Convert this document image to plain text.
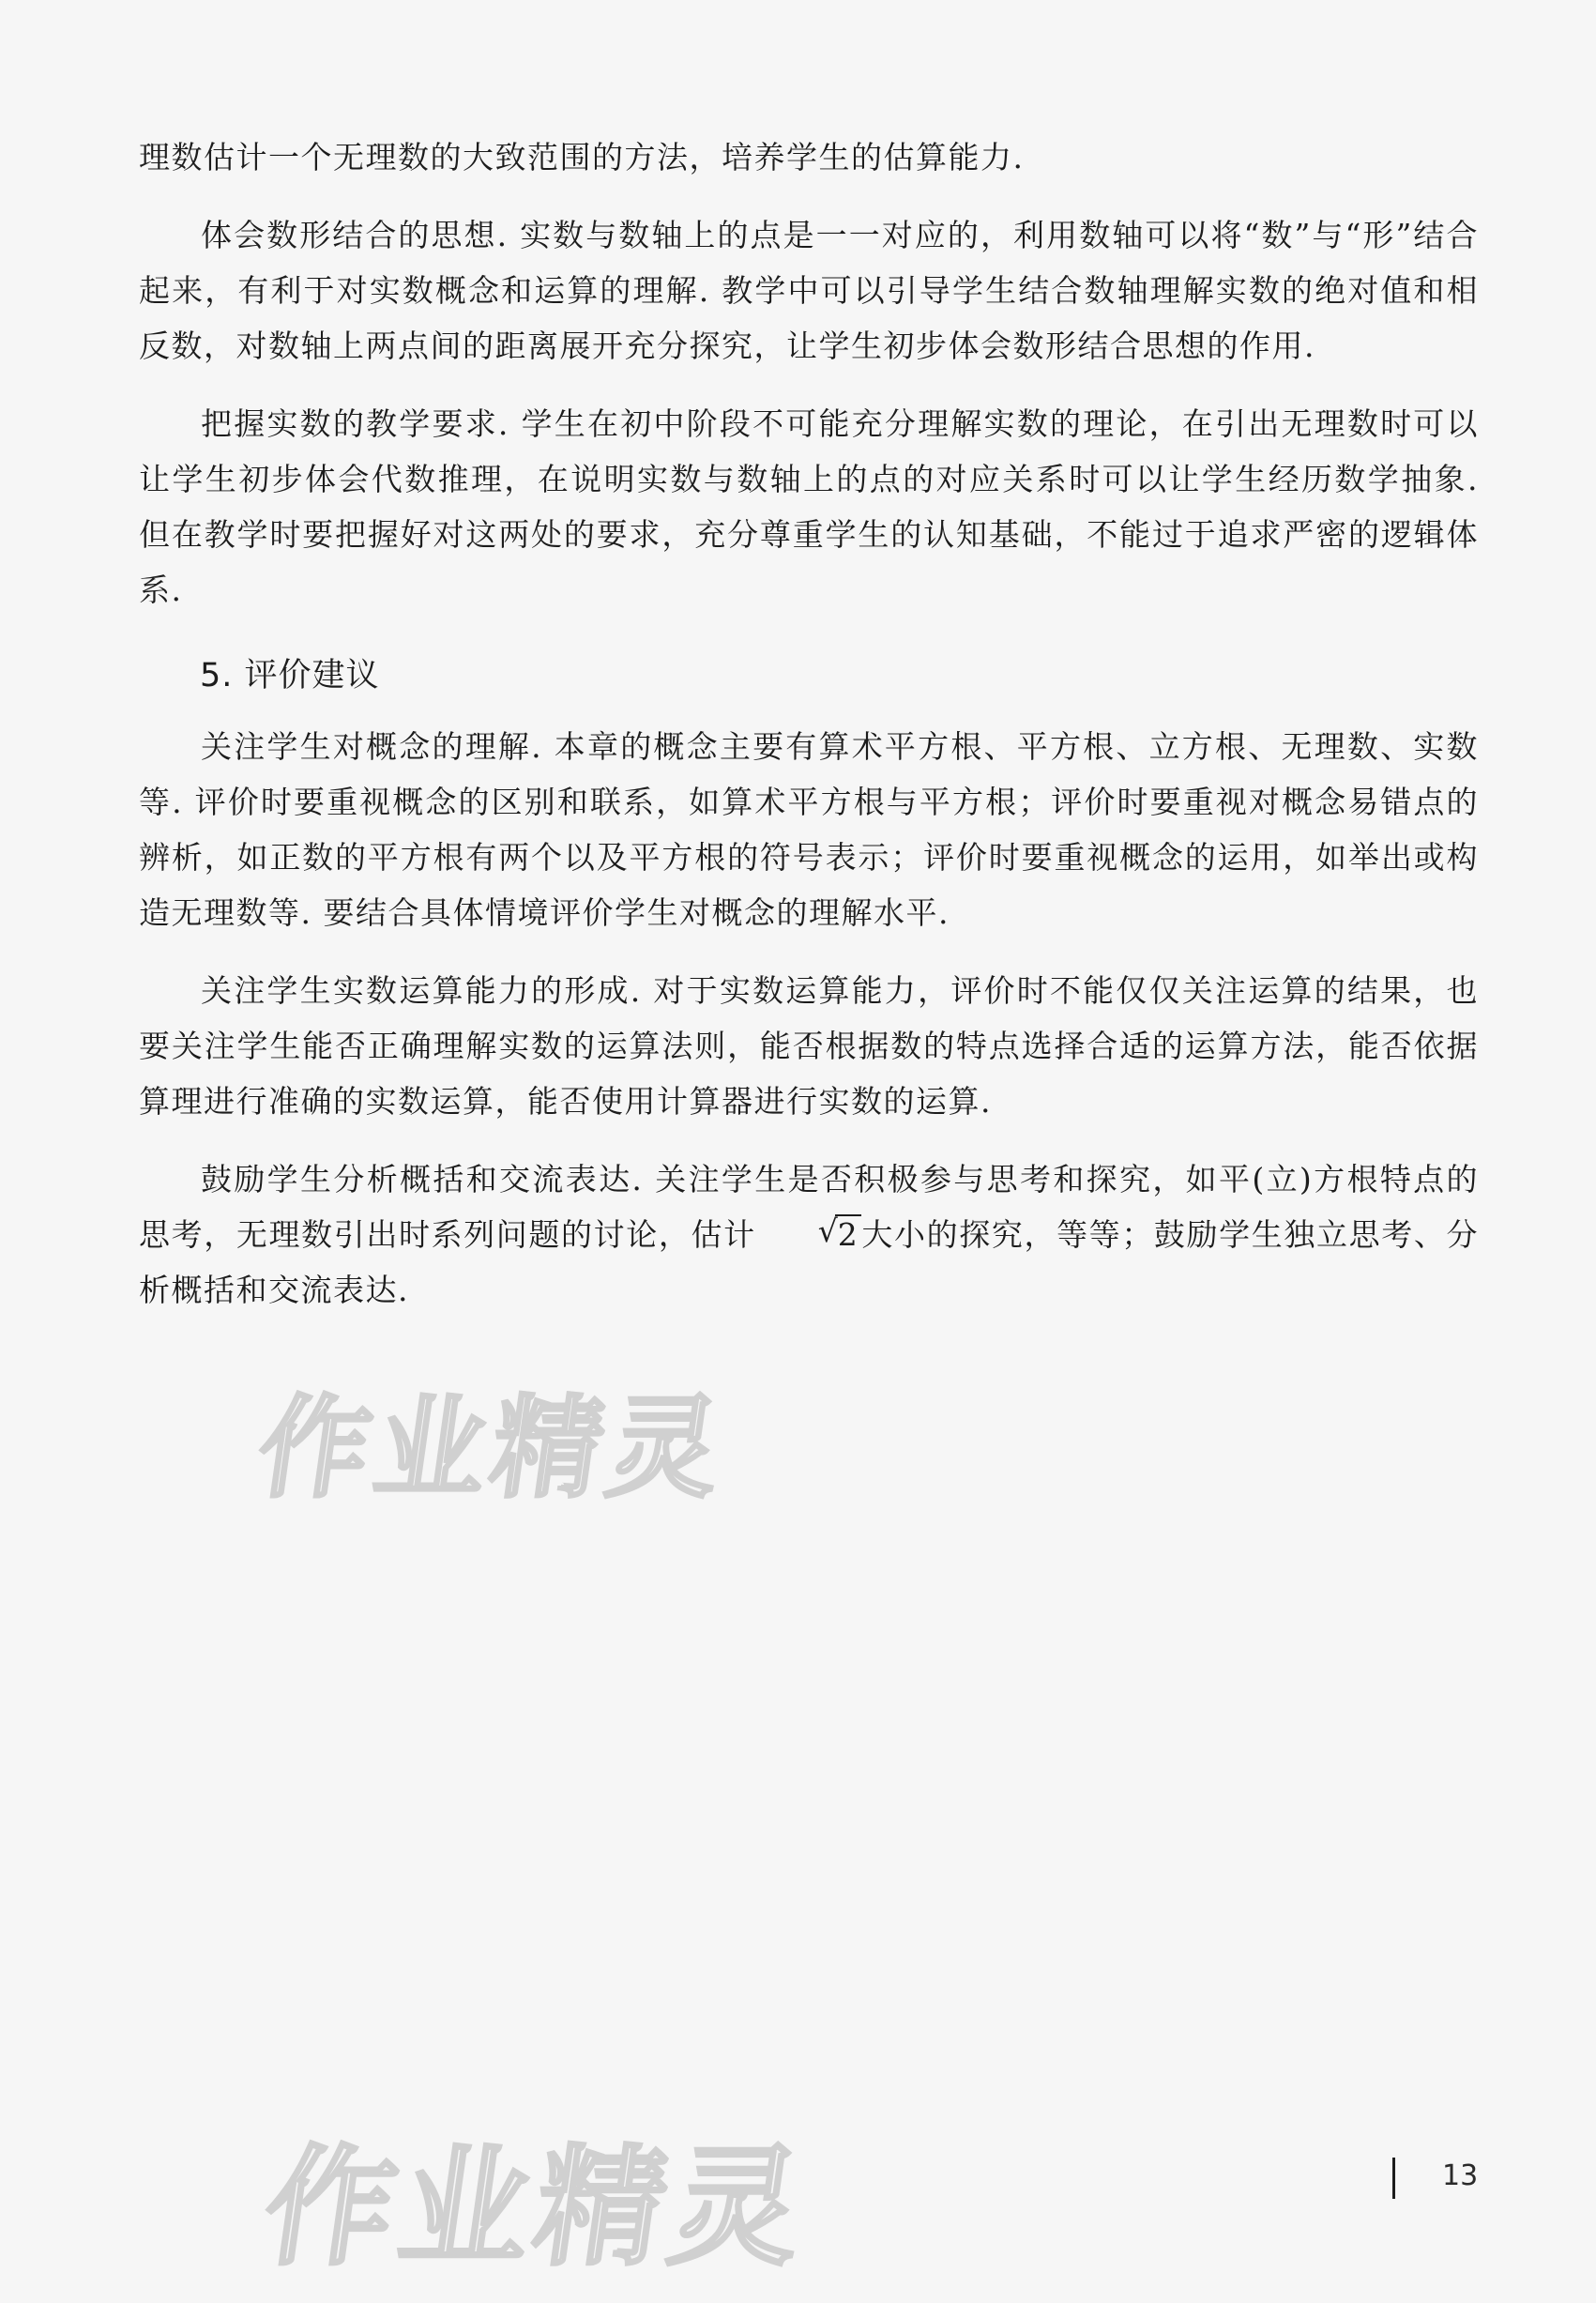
理数估计一个无理数的大致范围的方法，培养学生的估算能力.

体会数形结合的思想. 实数与数轴上的点是一一对应的，利用数轴可以将“数”与“形”结合起来，有利于对实数概念和运算的理解. 教学中可以引导学生结合数轴理解实数的绝对值和相反数，对数轴上两点间的距离展开充分探究，让学生初步体会数形结合思想的作用.

把握实数的教学要求. 学生在初中阶段不可能充分理解实数的理论，在引出无理数时可以让学生初步体会代数推理，在说明实数与数轴上的点的对应关系时可以让学生经历数学抽象. 但在教学时要把握好对这两处的要求，充分尊重学生的认知基础，不能过于追求严密的逻辑体系.

5. 评价建议

关注学生对概念的理解. 本章的概念主要有算术平方根、平方根、立方根、无理数、实数等. 评价时要重视概念的区别和联系，如算术平方根与平方根；评价时要重视对概念易错点的辨析，如正数的平方根有两个以及平方根的符号表示；评价时要重视概念的运用，如举出或构造无理数等. 要结合具体情境评价学生对概念的理解水平.

关注学生实数运算能力的形成. 对于实数运算能力，评价时不能仅仅关注运算的结果，也要关注学生能否正确理解实数的运算法则，能否根据数的特点选择合适的运算方法，能否依据算理进行准确的实数运算，能否使用计算器进行实数的运算.

鼓励学生分析概括和交流表达. 关注学生是否积极参与思考和探究，如平(立)方根特点的思考，无理数引出时系列问题的讨论，估计	√
2大小的探究，等等；鼓励学生独立思考、分析概括和交流表达.

作业精灵
作业精灵	13
